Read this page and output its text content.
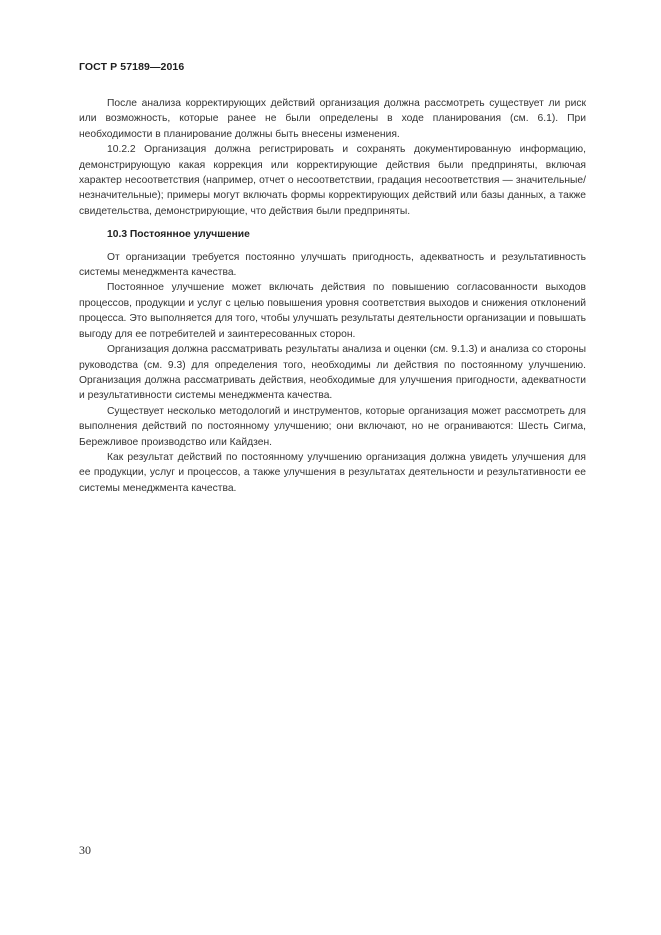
ГОСТ Р 57189—2016

После анализа корректирующих действий организация должна рассмотреть существует ли риск или возможность, которые ранее не были определены в ходе планирования (см. 6.1). При необходимости в планирование должны быть внесены изменения.

10.2.2 Организация должна регистрировать и сохранять документированную информацию, демонстрирующую какая коррекция или корректирующие действия были предприняты, включая характер несоответствия (например, отчет о несоответствии, градация несоответствия — значительные/незначительные); примеры могут включать формы корректирующих действий или базы данных, а также свидетельства, демонстрирующие, что действия были предприняты.

10.3 Постоянное улучшение

От организации требуется постоянно улучшать пригодность, адекватность и результативность системы менеджмента качества.

Постоянное улучшение может включать действия по повышению согласованности выходов процессов, продукции и услуг с целью повышения уровня соответствия выходов и снижения отклонений процесса. Это выполняется для того, чтобы улучшать результаты деятельности организации и повышать выгоду для ее потребителей и заинтересованных сторон.

Организация должна рассматривать результаты анализа и оценки (см. 9.1.3) и анализа со стороны руководства (см. 9.3) для определения того, необходимы ли действия по постоянному улучшению. Организация должна рассматривать действия, необходимые для улучшения пригодности, адекватности и результативности системы менеджмента качества.

Существует несколько методологий и инструментов, которые организация может рассмотреть для выполнения действий по постоянному улучшению; они включают, но не ограниваются: Шесть Сигма, Бережливое производство или Кайдзен.

Как результат действий по постоянному улучшению организация должна увидеть улучшения для ее продукции, услуг и процессов, а также улучшения в результатах деятельности и результативности ее системы менеджмента качества.

30
